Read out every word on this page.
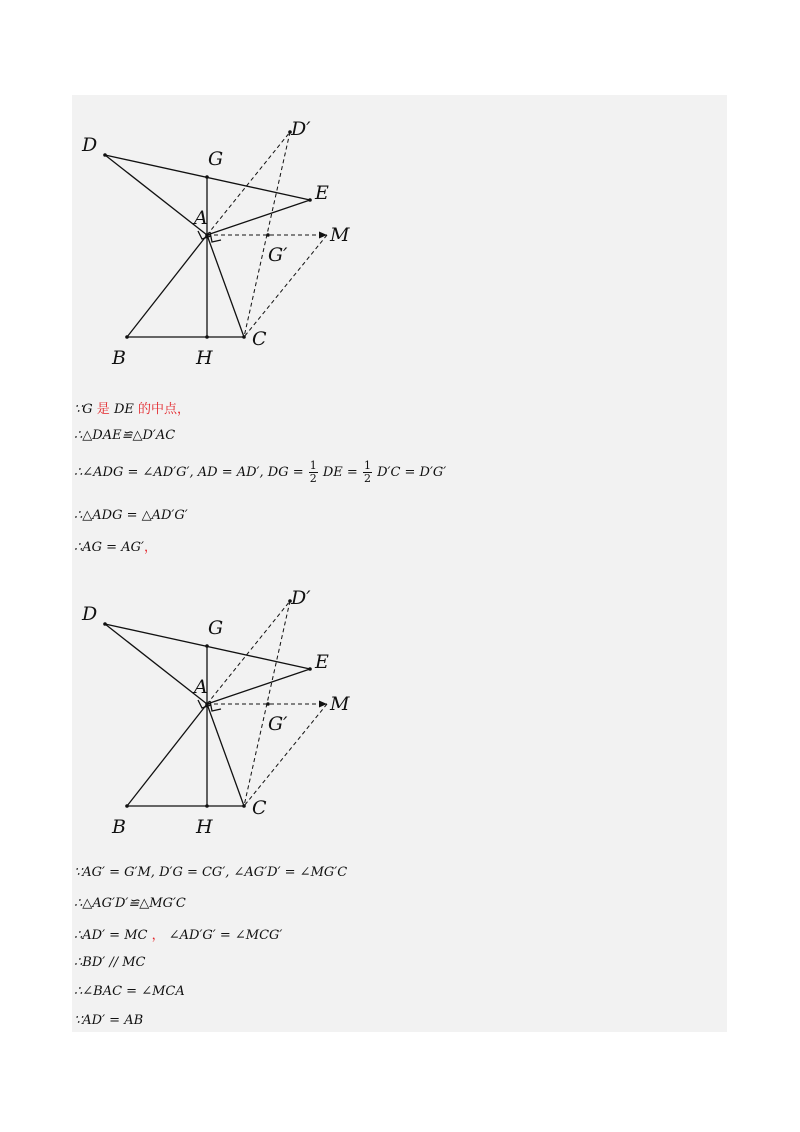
D
G
D′
E
A
M
G′
B	H
C
∵G 是 DE 的中点，
∴△DAE≌△D′AC
∴∠ADG = ∠AD′G′, AD = AD′, DG = $\frac{1}{2}$ DE = $\frac{1}{2} D'C = D'G'$
∴△ADG = △AD′G′
∴AG = AG′，
D
G
D′
E
A
M
G′
B	H
C
∵AG′ = G′M, D′G = CG′, ∠AG′D′ = ∠MG′C
∴△AG′D′≌△MG′C
∴AD′ = MC ， ∠AD′G′ = ∠MCG′
∴BD′ // MC
∴∠BAC = ∠MCA
∵AD′ = AB
